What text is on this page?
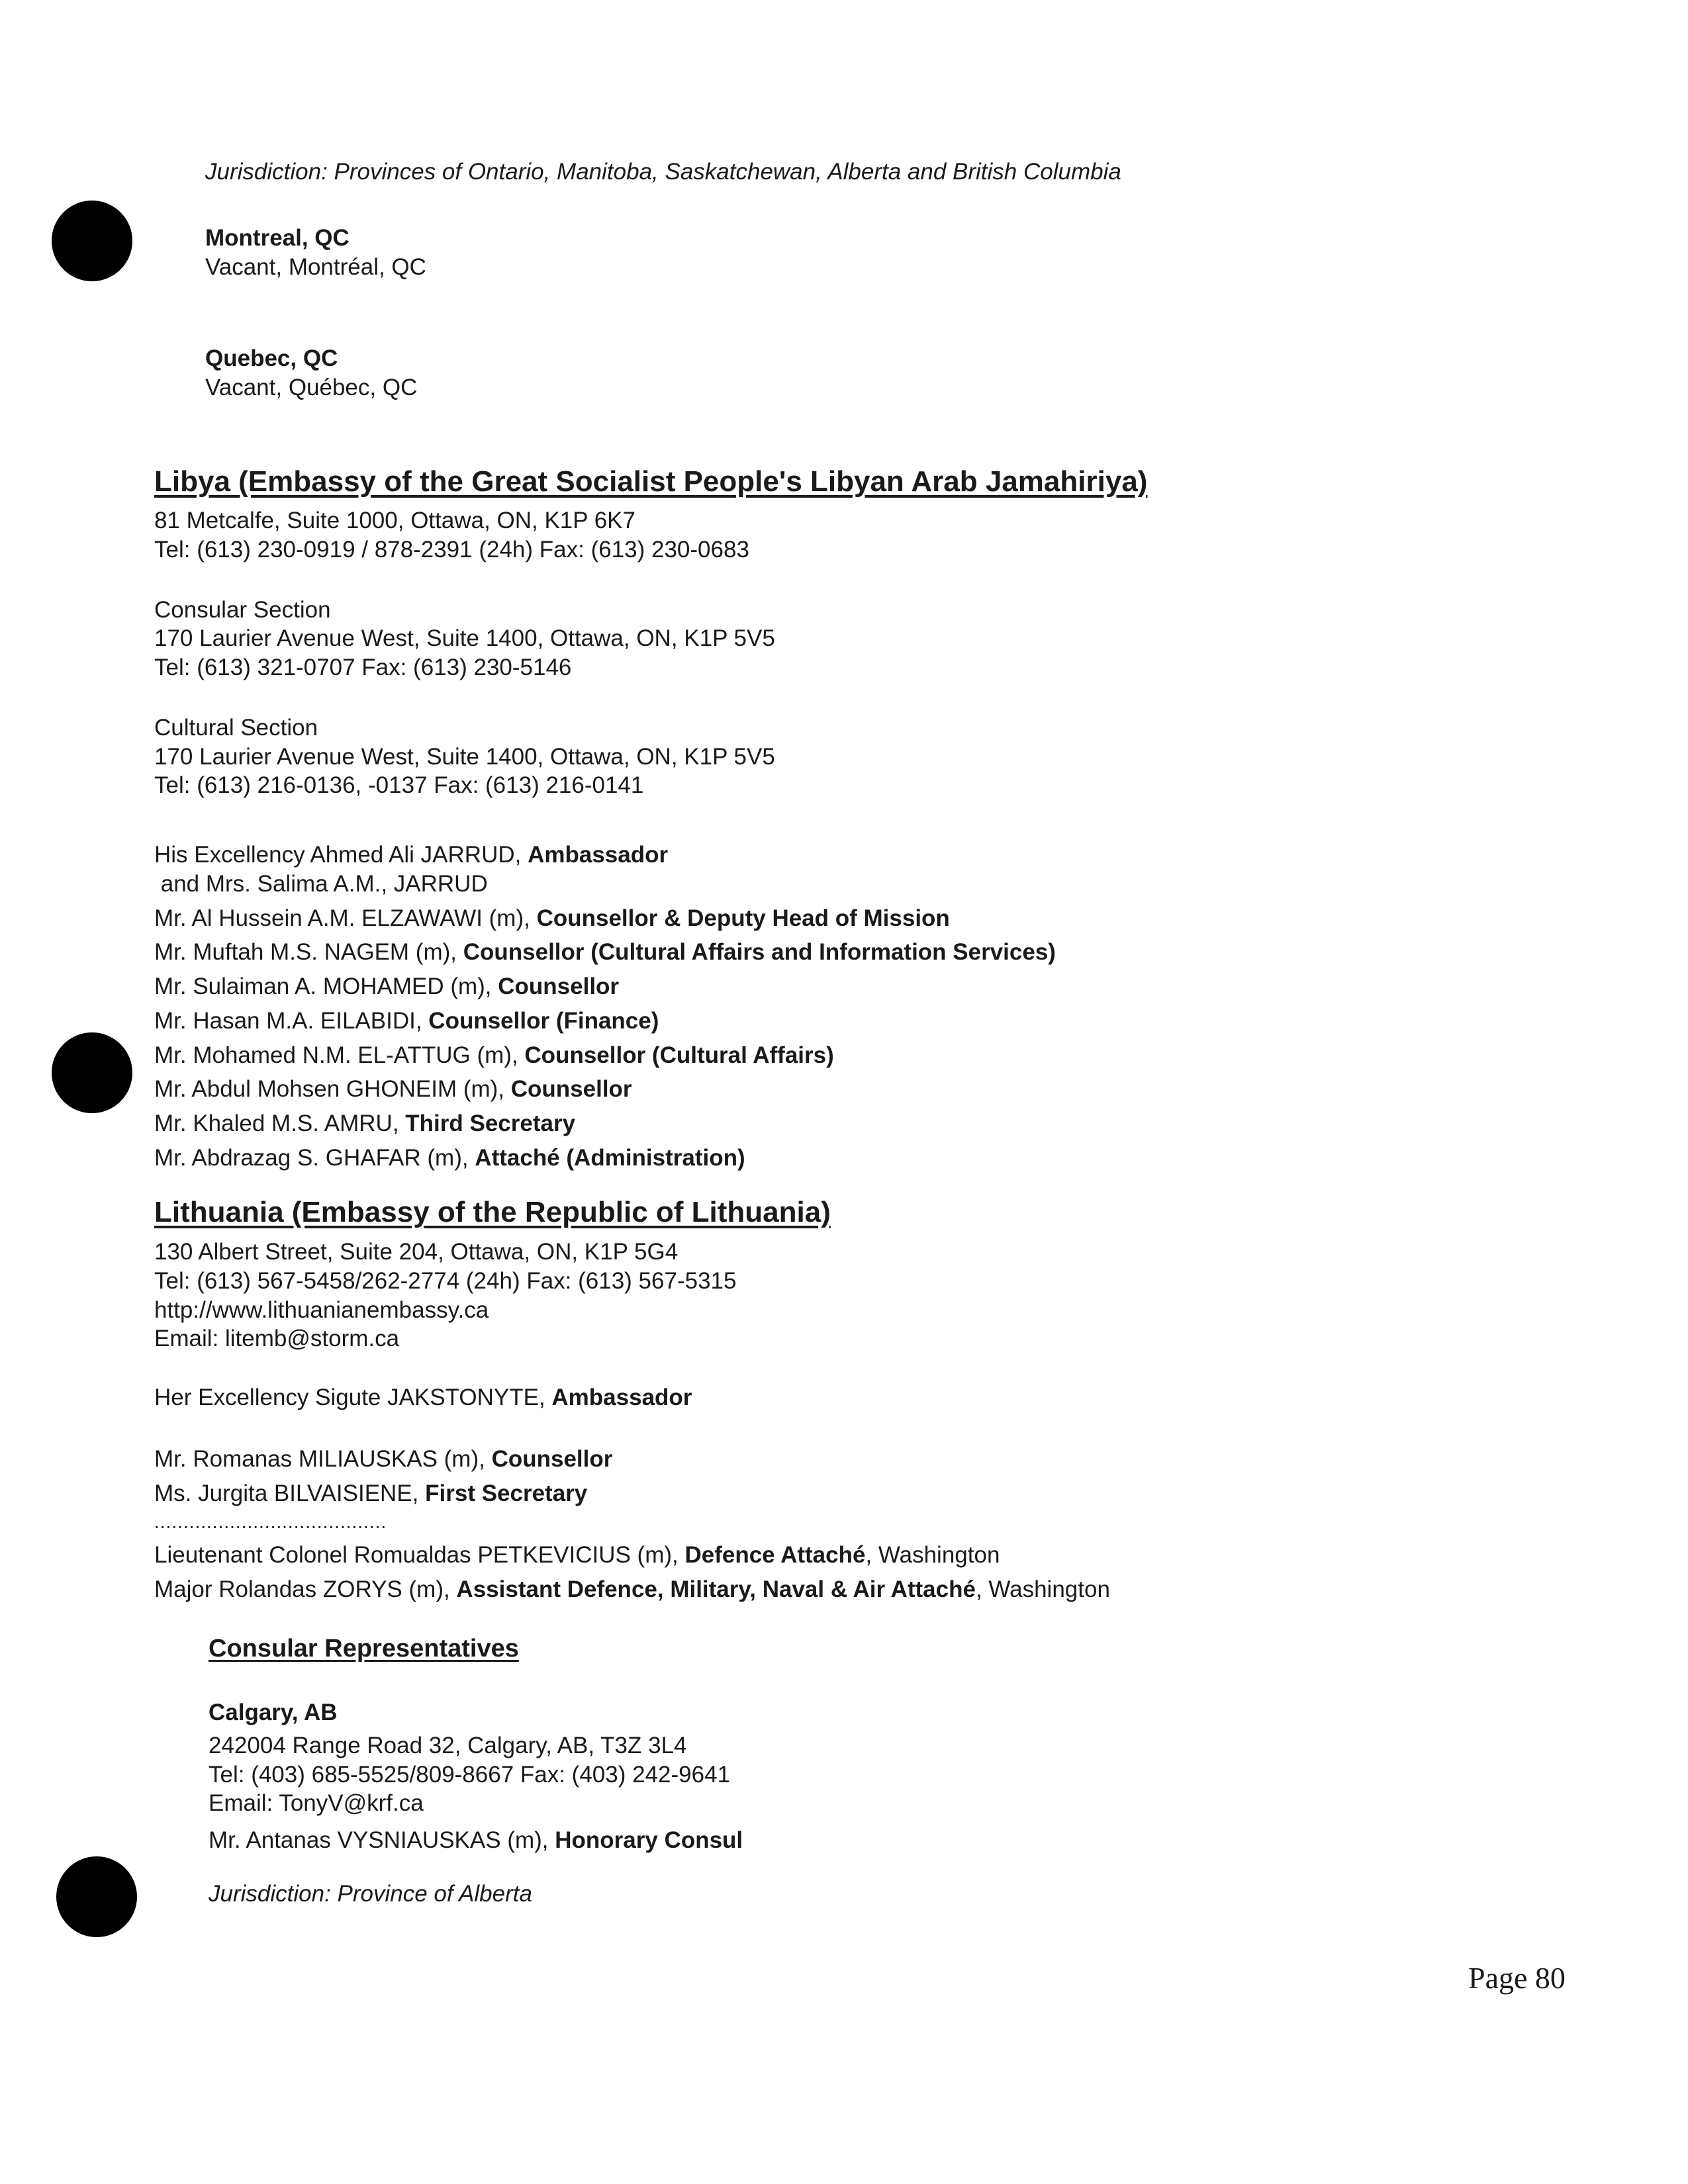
Jurisdiction: Provinces of Ontario, Manitoba, Saskatchewan, Alberta and British Columbia
Montreal, QC
Vacant, Montréal, QC
Quebec, QC
Vacant, Québec, QC
Libya (Embassy of the Great Socialist People's Libyan Arab Jamahiriya)
81 Metcalfe, Suite 1000, Ottawa, ON, K1P 6K7
Tel: (613) 230-0919 / 878-2391 (24h) Fax: (613) 230-0683
Consular Section
170 Laurier Avenue West, Suite 1400, Ottawa, ON, K1P 5V5
Tel: (613) 321-0707 Fax: (613) 230-5146
Cultural Section
170 Laurier Avenue West, Suite 1400, Ottawa, ON, K1P 5V5
Tel: (613) 216-0136, -0137 Fax: (613) 216-0141
His Excellency Ahmed Ali JARRUD, Ambassador
and Mrs. Salima A.M., JARRUD
Mr. Al Hussein A.M. ELZAWAWI (m), Counsellor & Deputy Head of Mission
Mr. Muftah M.S. NAGEM (m), Counsellor (Cultural Affairs and Information Services)
Mr. Sulaiman A. MOHAMED (m), Counsellor
Mr. Hasan M.A. EILABIDI, Counsellor (Finance)
Mr. Mohamed N.M. EL-ATTUG (m), Counsellor (Cultural Affairs)
Mr. Abdul Mohsen GHONEIM (m), Counsellor
Mr. Khaled M.S. AMRU, Third Secretary
Mr. Abdrazag S. GHAFAR (m), Attaché (Administration)
Lithuania (Embassy of the Republic of Lithuania)
130 Albert Street, Suite 204, Ottawa, ON, K1P 5G4
Tel: (613) 567-5458/262-2774 (24h) Fax: (613) 567-5315
http://www.lithuanianembassy.ca
Email: litemb@storm.ca
Her Excellency Sigute JAKSTONYTE, Ambassador
Mr. Romanas MILIAUSKAS (m), Counsellor
Ms. Jurgita BILVAISIENE, First Secretary
........................................
Lieutenant Colonel Romualdas PETKEVICIUS (m), Defence Attaché, Washington
Major Rolandas ZORYS (m), Assistant Defence, Military, Naval & Air Attaché, Washington
Consular Representatives
Calgary, AB
242004 Range Road 32, Calgary, AB, T3Z 3L4
Tel: (403) 685-5525/809-8667 Fax: (403) 242-9641
Email: TonyV@krf.ca
Mr. Antanas VYSNIAUSKAS (m), Honorary Consul
Jurisdiction: Province of Alberta
Page 80
